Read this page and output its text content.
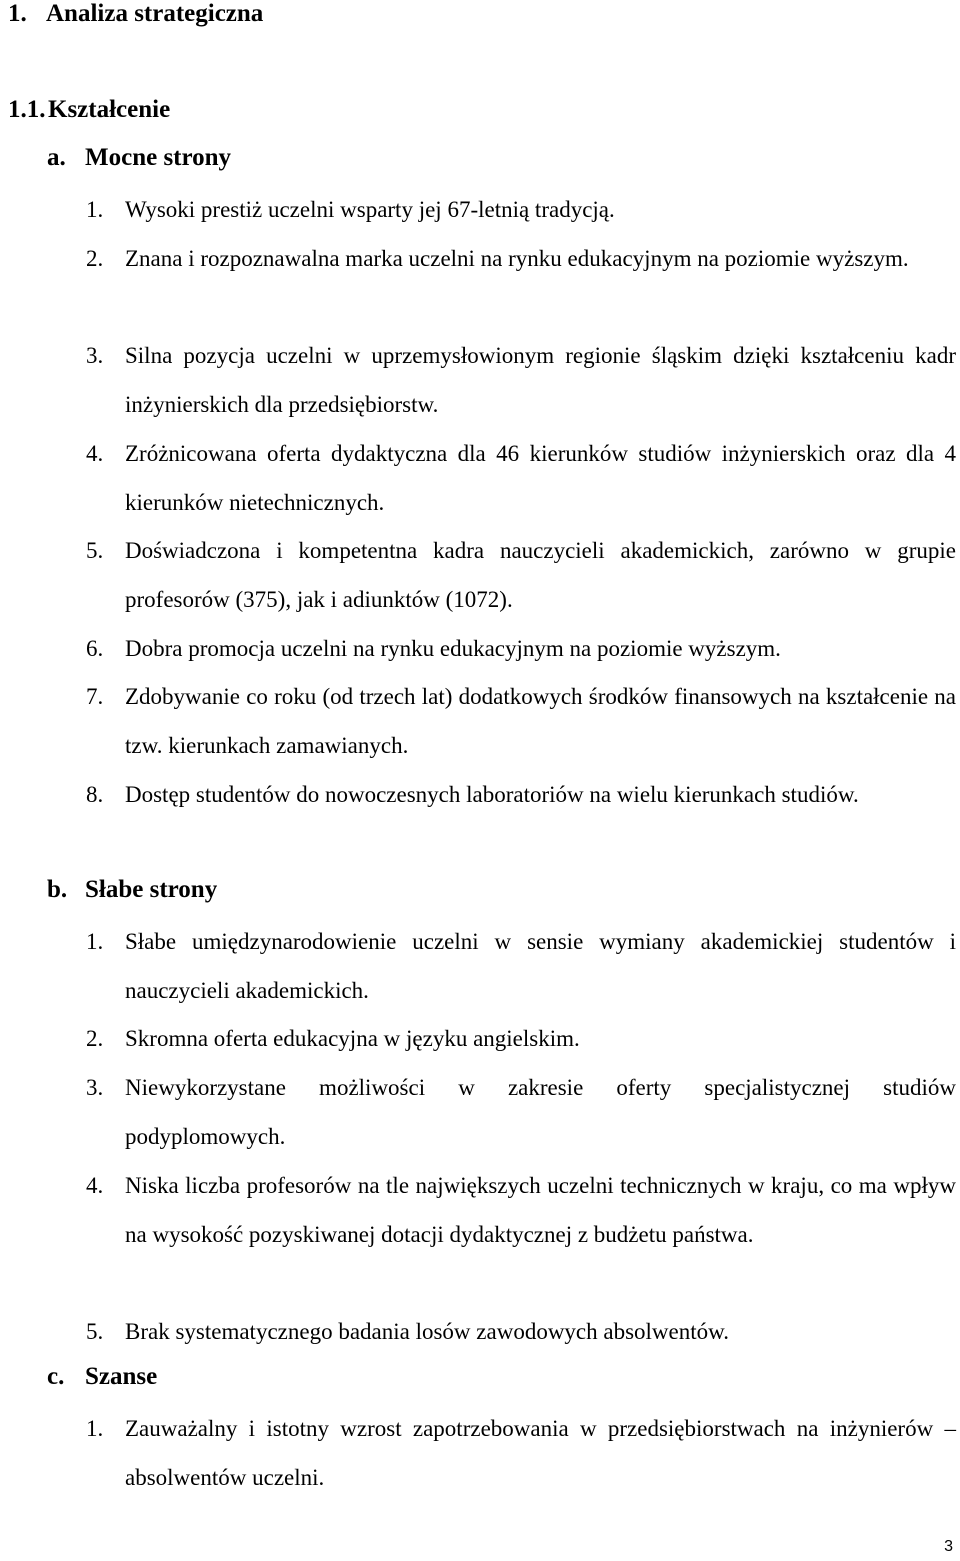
1. Analiza strategiczna
1.1. Kształcenie
a. Mocne strony
1. Wysoki prestiż uczelni wsparty jej 67-letnią tradycją.
2. Znana i rozpoznawalna marka uczelni na rynku edukacyjnym na poziomie wyższym.
3. Silna pozycja uczelni w uprzemysłowionym regionie śląskim dzięki kształceniu kadr inżynierskich dla przedsiębiorstw.
4. Zróżnicowana oferta dydaktyczna dla 46 kierunków studiów inżynierskich oraz dla 4 kierunków nietechnicznych.
5. Doświadczona i kompetentna kadra nauczycieli akademickich, zarówno w grupie profesorów (375), jak i adiunktów (1072).
6. Dobra promocja uczelni na rynku edukacyjnym na poziomie wyższym.
7. Zdobywanie co roku (od trzech lat) dodatkowych środków finansowych na kształcenie na tzw. kierunkach zamawianych.
8. Dostęp studentów do nowoczesnych laboratoriów na wielu kierunkach studiów.
b. Słabe strony
1. Słabe umiędzynarodowienie uczelni w sensie wymiany akademickiej studentów i nauczycieli akademickich.
2. Skromna oferta edukacyjna w języku angielskim.
3. Niewykorzystane możliwości w zakresie oferty specjalistycznej studiów podyplomowych.
4. Niska liczba profesorów na tle największych uczelni technicznych w kraju, co ma wpływ na wysokość pozyskiwanej dotacji dydaktycznej z budżetu państwa.
5. Brak systematycznego badania losów zawodowych absolwentów.
c. Szanse
1. Zauważalny i istotny wzrost zapotrzebowania w przedsiębiorstwach na inżynierów – absolwentów uczelni.
3
